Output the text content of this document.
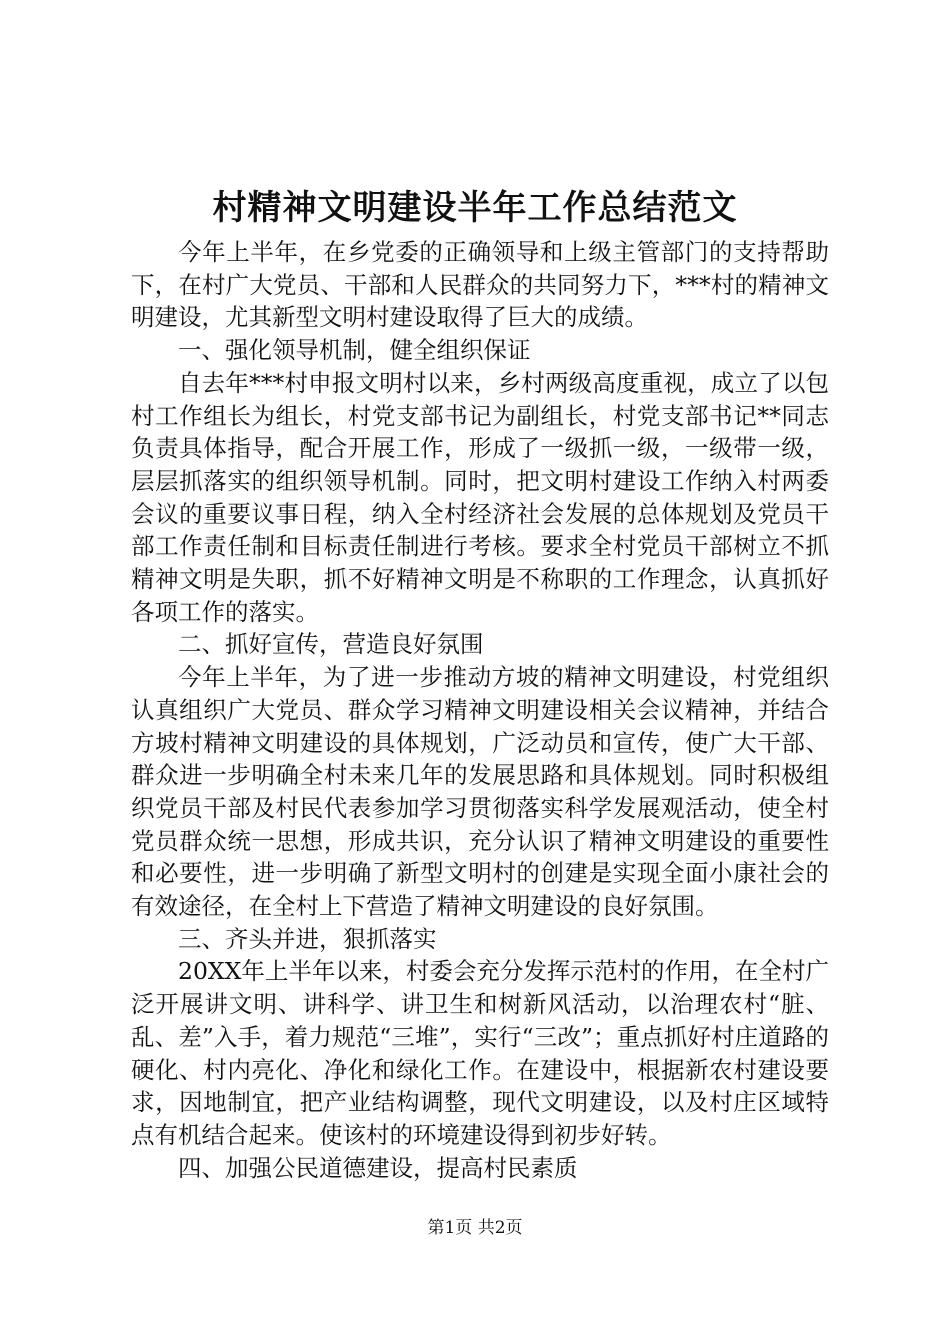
村精神文明建设半年工作总结范文

今年上半年，在乡党委的正确领导和上级主管部门的支持帮助下，在村广大党员、干部和人民群众的共同努力下，***村的精神文明建设，尤其新型文明村建设取得了巨大的成绩。

一、强化领导机制，健全组织保证

自去年***村申报文明村以来，乡村两级高度重视，成立了以包村工作组长为组长，村党支部书记为副组长，村党支部书记**同志负责具体指导，配合开展工作，形成了一级抓一级，一级带一级，层层抓落实的组织领导机制。同时，把文明村建设工作纳入村两委会议的重要议事日程，纳入全村经济社会发展的总体规划及党员干部工作责任制和目标责任制进行考核。要求全村党员干部树立不抓精神文明是失职，抓不好精神文明是不称职的工作理念，认真抓好各项工作的落实。

二、抓好宣传，营造良好氛围

今年上半年，为了进一步推动方坡的精神文明建设，村党组织认真组织广大党员、群众学习精神文明建设相关会议精神，并结合方坡村精神文明建设的具体规划，广泛动员和宣传，使广大干部、群众进一步明确全村未来几年的发展思路和具体规划。同时积极组织党员干部及村民代表参加学习贯彻落实科学发展观活动，使全村党员群众统一思想，形成共识，充分认识了精神文明建设的重要性和必要性，进一步明确了新型文明村的创建是实现全面小康社会的有效途径，在全村上下营造了精神文明建设的良好氛围。

三、齐头并进，狠抓落实

20XX年上半年以来，村委会充分发挥示范村的作用，在全村广泛开展讲文明、讲科学、讲卫生和树新风活动，以治理农村“脏、乱、差”入手，着力规范“三堆”，实行“三改”；重点抓好村庄道路的硬化、村内亮化、净化和绿化工作。在建设中，根据新农村建设要求，因地制宜，把产业结构调整，现代文明建设，以及村庄区域特点有机结合起来。使该村的环境建设得到初步好转。

四、加强公民道德建设，提高村民素质

第1页 共2页
